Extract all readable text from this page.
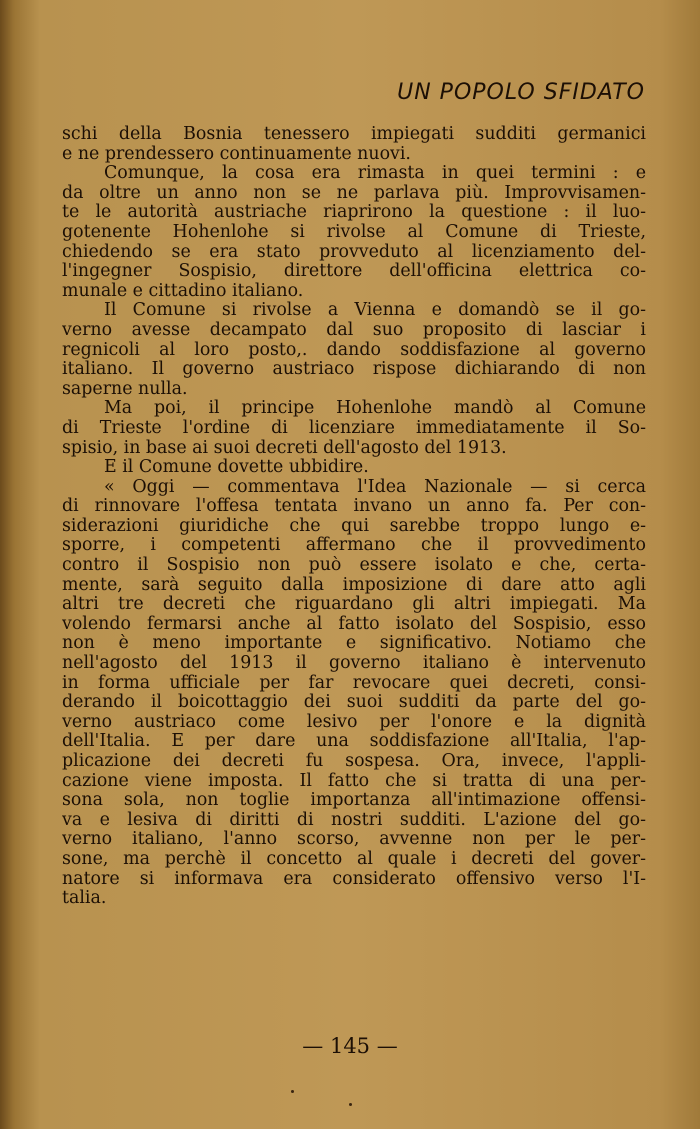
UN POPOLO SFIDATO
schi della Bosnia tenessero impiegati sudditi germanici
e ne prendessero continuamente nuovi.
Comunque, la cosa era rimasta in quei termini : e
da oltre un anno non se ne parlava più. Improvvisamen-
te le autorità austriache riaprirono la questione : il luo-
gotenente Hohenlohe si rivolse al Comune di Trieste,
chiedendo se era stato provveduto al licenziamento del-
l'ingegner Sospisio, direttore dell'officina elettrica co-
munale e cittadino italiano.
Il Comune si rivolse a Vienna e domandò se il go-
verno avesse decampato dal suo proposito di lasciar i
regnicoli al loro posto,. dando soddisfazione al governo
italiano. Il governo austriaco rispose dichiarando di non
saperne nulla.
Ma poi, il principe Hohenlohe mandò al Comune
di Trieste l'ordine di licenziare immediatamente il So-
spisio, in base ai suoi decreti dell'agosto del 1913.
E il Comune dovette ubbidire.
« Oggi — commentava l'Idea Nazionale — si cerca
di rinnovare l'offesa tentata invano un anno fa. Per con-
siderazioni giuridiche che qui sarebbe troppo lungo e-
sporre, i competenti affermano che il provvedimento
contro il Sospisio non può essere isolato e che, certa-
mente, sarà seguito dalla imposizione di dare atto agli
altri tre decreti che riguardano gli altri impiegati. Ma
volendo fermarsi anche al fatto isolato del Sospisio, esso
non è meno importante e significativo. Notiamo che
nell'agosto del 1913 il governo italiano è intervenuto
in forma ufficiale per far revocare quei decreti, consi-
derando il boicottaggio dei suoi sudditi da parte del go-
verno austriaco come lesivo per l'onore e la dignità
dell'Italia. E per dare una soddisfazione all'Italia, l'ap-
plicazione dei decreti fu sospesa. Ora, invece, l'appli-
cazione viene imposta. Il fatto che si tratta di una per-
sona sola, non toglie importanza all'intimazione offensi-
va e lesiva di diritti di nostri sudditi. L'azione del go-
verno italiano, l'anno scorso, avvenne non per le per-
sone, ma perchè il concetto al quale i decreti del gover-
natore si informava era considerato offensivo verso l'I-
talia.
— 145 —
